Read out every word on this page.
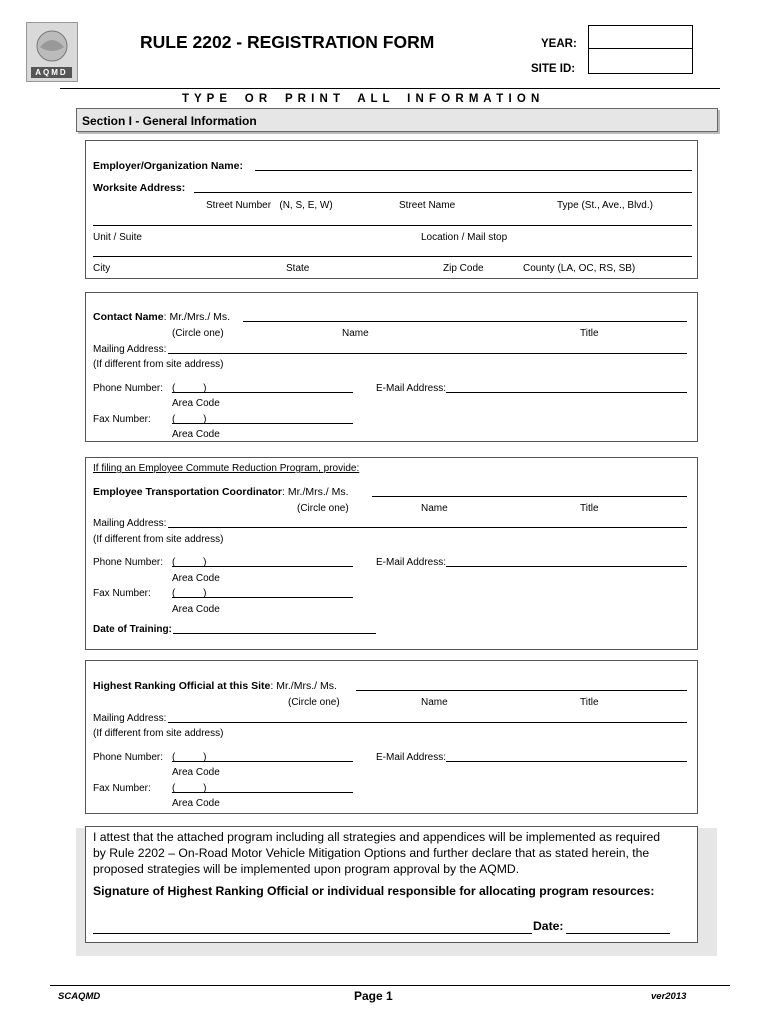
AQMD
RULE 2202 - REGISTRATION FORM	YEAR:
SITE ID:
T Y P E    O R    P R I N T    A L L    I N F O R M A T I O N
Section I - General Information
Employer/Organization Name:
Worksite Address:
Street Number   (N, S, E, W)	Street Name	Type (St., Ave., Blvd.)
Unit / Suite	Location / Mail stop
City	State	Zip Code	County (LA, OC, RS, SB)
Contact Name: Mr./Mrs./ Ms.
(Circle one)	Name	Title
Mailing Address:
(If different from site address)
Phone Number: (          )
Area Code
E-Mail Address:
Fax Number: (          )
Area Code
If filing an Employee Commute Reduction Program, provide:
Employee Transportation Coordinator: Mr./Mrs./ Ms.
(Circle one)	Name	Title
Mailing Address:
(If different from site address)
Phone Number: (          )
Area Code
E-Mail Address:
Fax Number: (          )
Area Code
Date of Training:
Highest Ranking Official at this Site: Mr./Mrs./ Ms.
(Circle one)	Name	Title
Mailing Address:
(If different from site address)
Phone Number: (          )
Area Code
E-Mail Address:
Fax Number: (          )
Area Code
I attest that the attached program including all strategies and appendices will be implemented as required
by Rule 2202 – On-Road Motor Vehicle Mitigation Options and further declare that as stated herein, the
proposed strategies will be implemented upon program approval by the AQMD.
Signature of Highest Ranking Official or individual responsible for allocating program resources:
Date:
SCAQMD	Page 1	ver2013
